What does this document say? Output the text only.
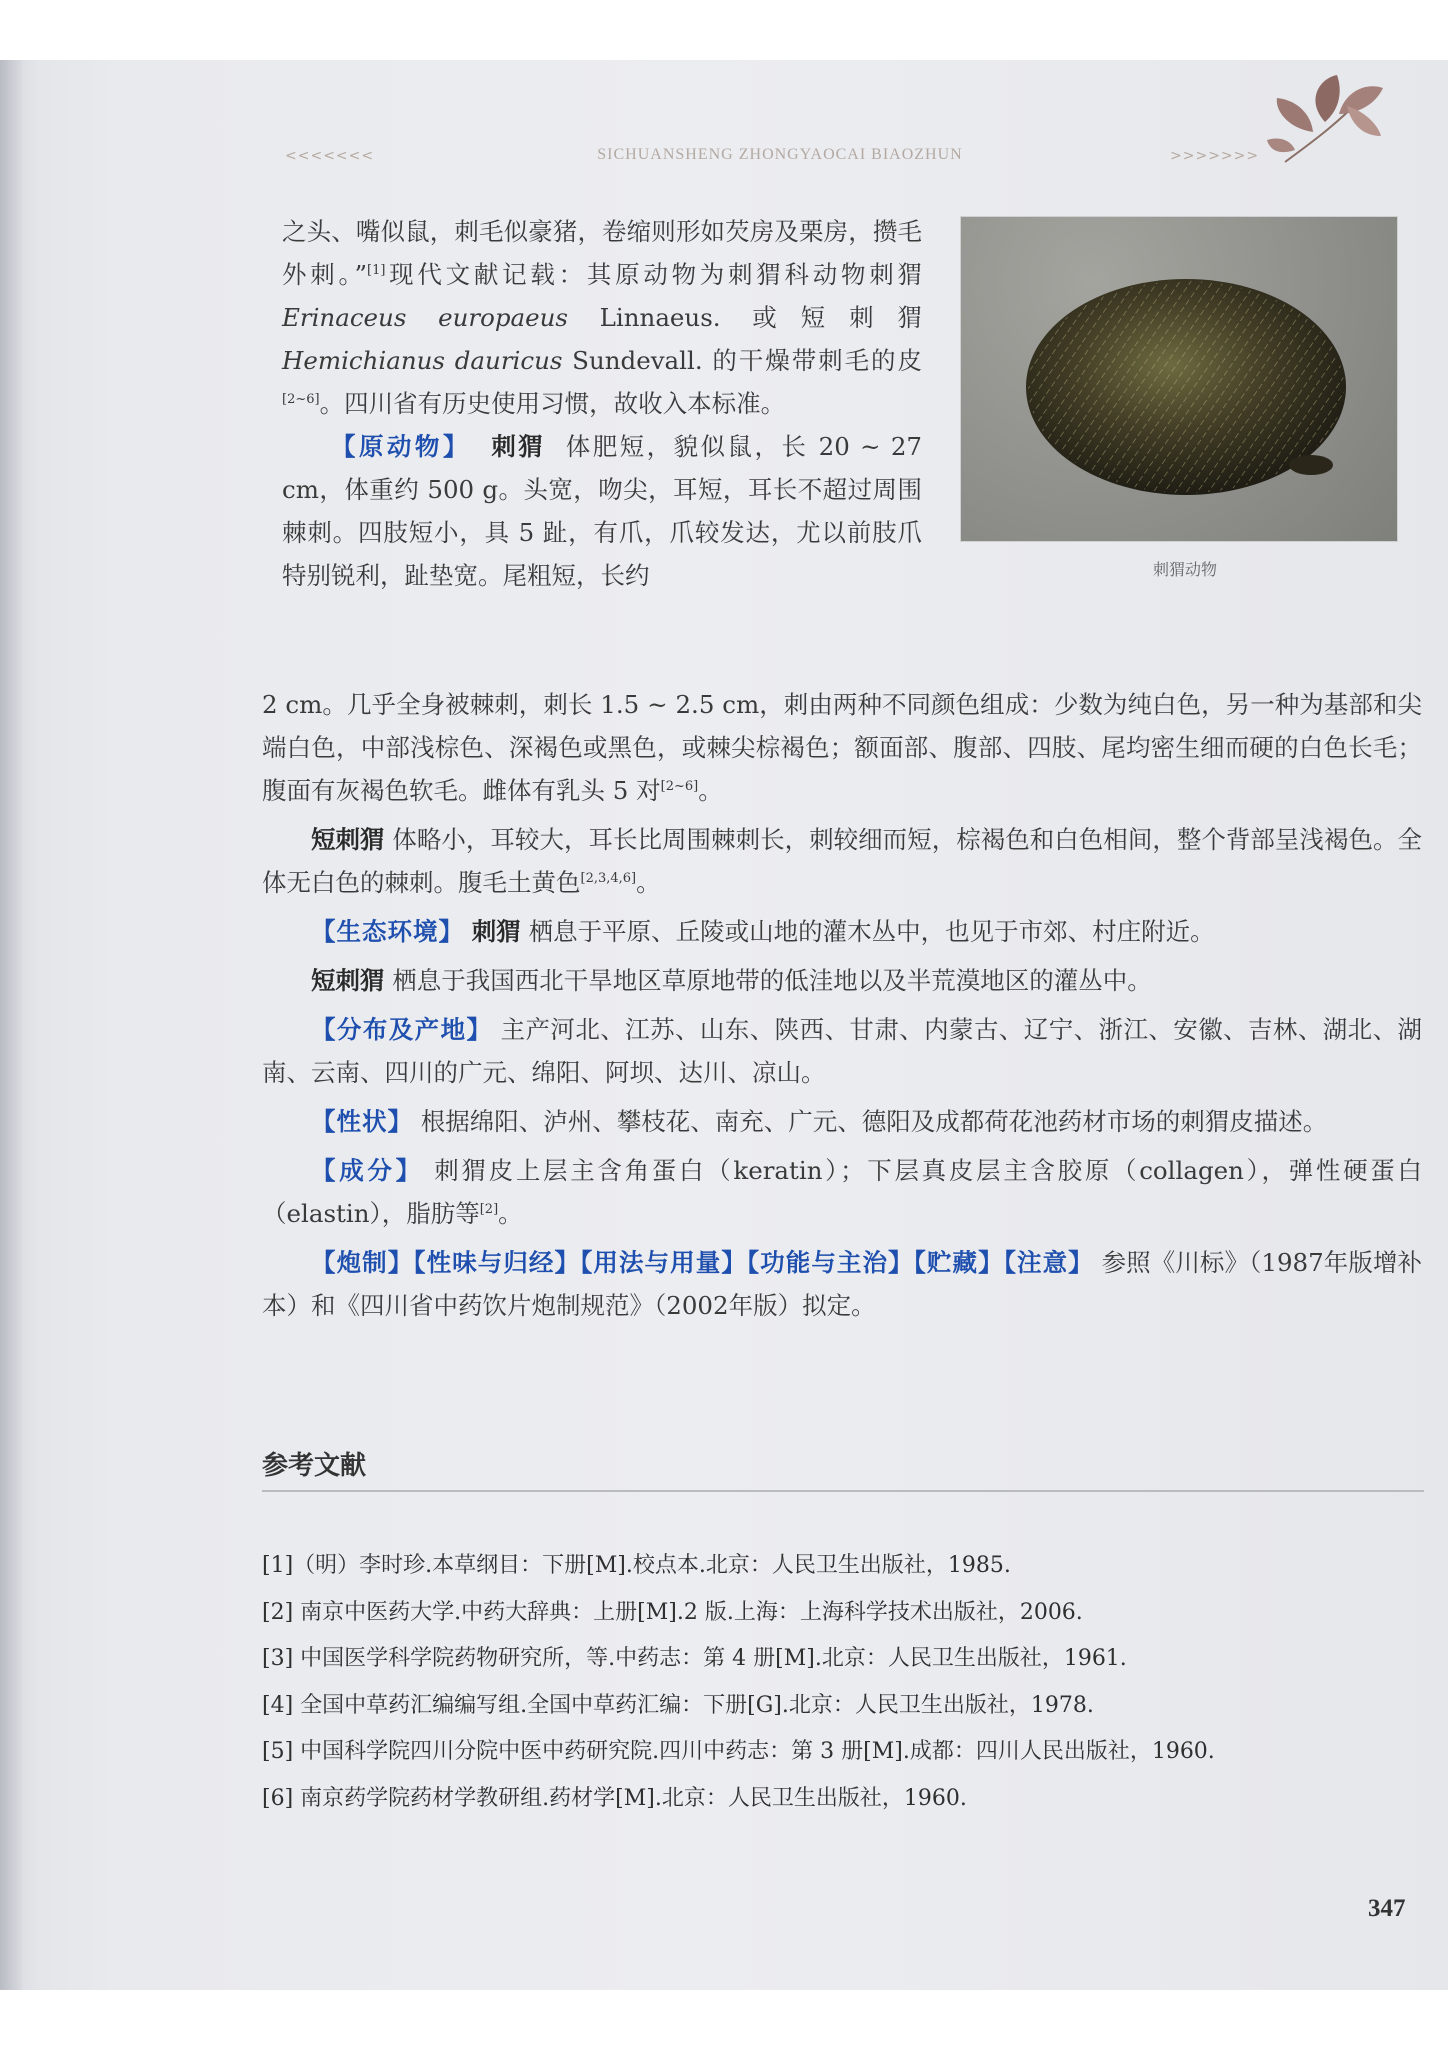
<<<<<<<	SICHUANSHENG ZHONGYAOCAI BIAOZHUN	>>>>>>>
刺猬动物

之头、嘴似鼠，刺毛似豪猪，卷缩则形如芡房及栗房，攒毛外刺。”[1]现代文献记载：其原动物为刺猬科动物刺猬 Erinaceus europaeus Linnaeus. 或短刺猬Hemichianus dauricus Sundevall. 的干燥带刺毛的皮[2~6]。四川省有历史使用习惯，故收入本标准。

【原动物】 刺猬 体肥短，貌似鼠，长 20 ~ 27 cm，体重约 500 g。头宽，吻尖，耳短，耳长不超过周围棘刺。四肢短小，具 5 趾，有爪，爪较发达，尤以前肢爪特别锐利，趾垫宽。尾粗短，长约

2 cm。几乎全身被棘刺，刺长 1.5 ~ 2.5 cm，刺由两种不同颜色组成：少数为纯白色，另一种为基部和尖端白色，中部浅棕色、深褐色或黑色，或棘尖棕褐色；额面部、腹部、四肢、尾均密生细而硬的白色长毛；腹面有灰褐色软毛。雌体有乳头 5 对[2~6]。

短刺猬 体略小，耳较大，耳长比周围棘刺长，刺较细而短，棕褐色和白色相间，整个背部呈浅褐色。全体无白色的棘刺。腹毛土黄色[2,3,4,6]。

【生态环境】 刺猬 栖息于平原、丘陵或山地的灌木丛中，也见于市郊、村庄附近。

短刺猬 栖息于我国西北干旱地区草原地带的低洼地以及半荒漠地区的灌丛中。

【分布及产地】 主产河北、江苏、山东、陕西、甘肃、内蒙古、辽宁、浙江、安徽、吉林、湖北、湖南、云南、四川的广元、绵阳、阿坝、达川、凉山。

【性状】 根据绵阳、泸州、攀枝花、南充、广元、德阳及成都荷花池药材市场的刺猬皮描述。

【成分】 刺猬皮上层主含角蛋白（keratin）；下层真皮层主含胶原（collagen），弹性硬蛋白（elastin），脂肪等[2]。

【炮制】【性味与归经】【用法与用量】【功能与主治】【贮藏】【注意】 参照《川标》（1987年版增补本）和《四川省中药饮片炮制规范》（2002年版）拟定。

参考文献
[1]（明）李时珍.本草纲目：下册[M].校点本.北京：人民卫生出版社，1985.
[2] 南京中医药大学.中药大辞典：上册[M].2 版.上海：上海科学技术出版社，2006.
[3] 中国医学科学院药物研究所，等.中药志：第 4 册[M].北京：人民卫生出版社，1961.
[4] 全国中草药汇编编写组.全国中草药汇编：下册[G].北京：人民卫生出版社，1978.
[5] 中国科学院四川分院中医中药研究院.四川中药志：第 3 册[M].成都：四川人民出版社，1960.
[6] 南京药学院药材学教研组.药材学[M].北京：人民卫生出版社，1960.
347
